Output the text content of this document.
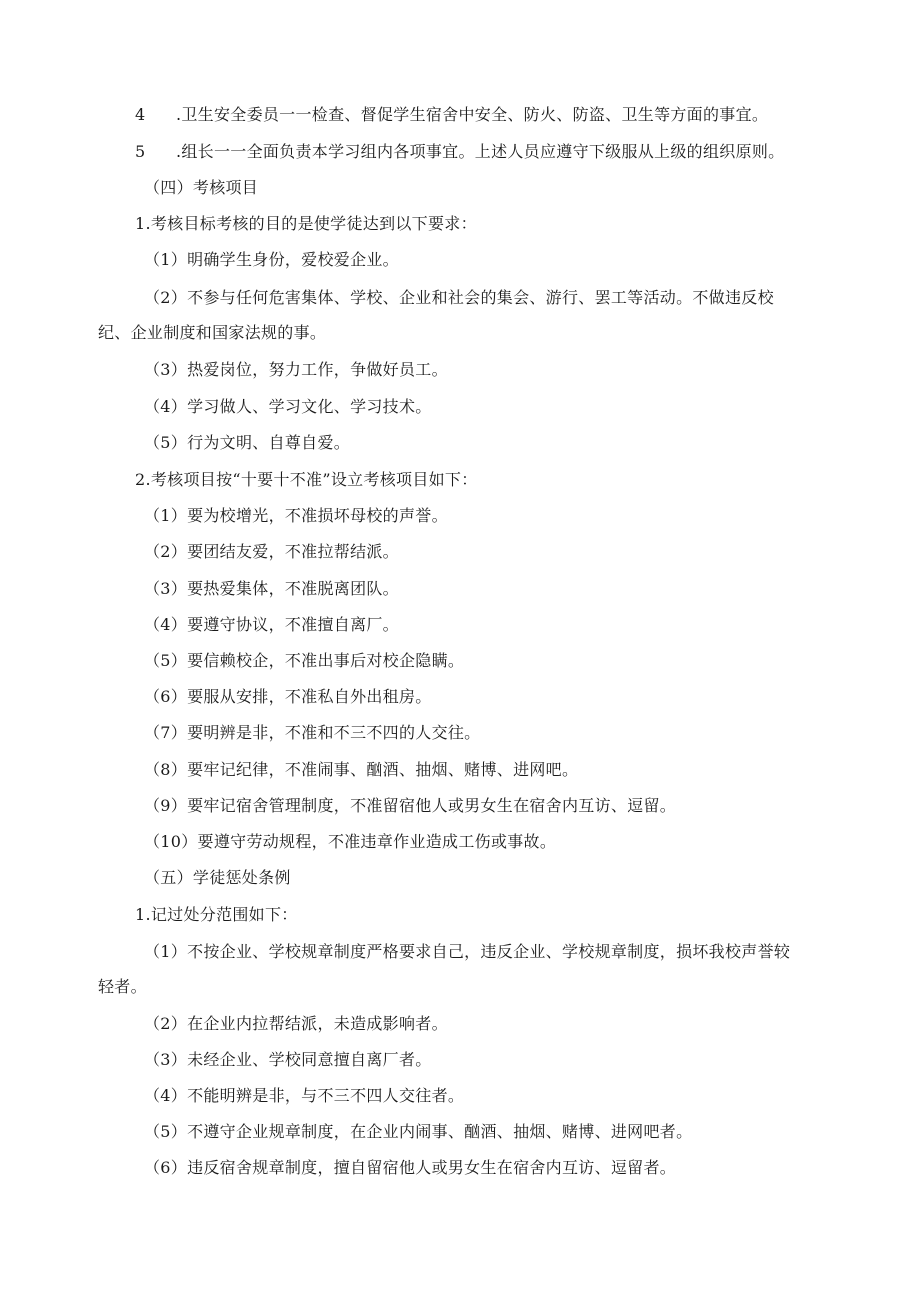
4 .卫生安全委员一一检查、督促学生宿舍中安全、防火、防盗、卫生等方面的事宜。
5 .组长一一全面负责本学习组内各项事宜。上述人员应遵守下级服从上级的组织原则。
（四）考核项目
1.考核目标考核的目的是使学徒达到以下要求：
（1）明确学生身份，爱校爱企业。
（2）不参与任何危害集体、学校、企业和社会的集会、游行、罢工等活动。不做违反校
纪、企业制度和国家法规的事。
（3）热爱岗位，努力工作，争做好员工。
（4）学习做人、学习文化、学习技术。
（5）行为文明、自尊自爱。
2.考核项目按“十要十不准”设立考核项目如下：
（1）要为校增光，不准损坏母校的声誉。
（2）要团结友爱，不准拉帮结派。
（3）要热爱集体，不准脱离团队。
（4）要遵守协议，不准擅自离厂。
（5）要信赖校企，不准出事后对校企隐瞒。
（6）要服从安排，不准私自外出租房。
（7）要明辨是非，不准和不三不四的人交往。
（8）要牢记纪律，不准闹事、酗酒、抽烟、赌博、进网吧。
（9）要牢记宿舍管理制度，不准留宿他人或男女生在宿舍内互访、逗留。
（10）要遵守劳动规程，不准违章作业造成工伤或事故。
（五）学徒惩处条例
1.记过处分范围如下：
（1）不按企业、学校规章制度严格要求自己，违反企业、学校规章制度，损坏我校声誉较
轻者。
（2）在企业内拉帮结派，未造成影响者。
（3）未经企业、学校同意擅自离厂者。
（4）不能明辨是非，与不三不四人交往者。
（5）不遵守企业规章制度，在企业内闹事、酗酒、抽烟、赌博、进网吧者。
（6）违反宿舍规章制度，擅自留宿他人或男女生在宿舍内互访、逗留者。
